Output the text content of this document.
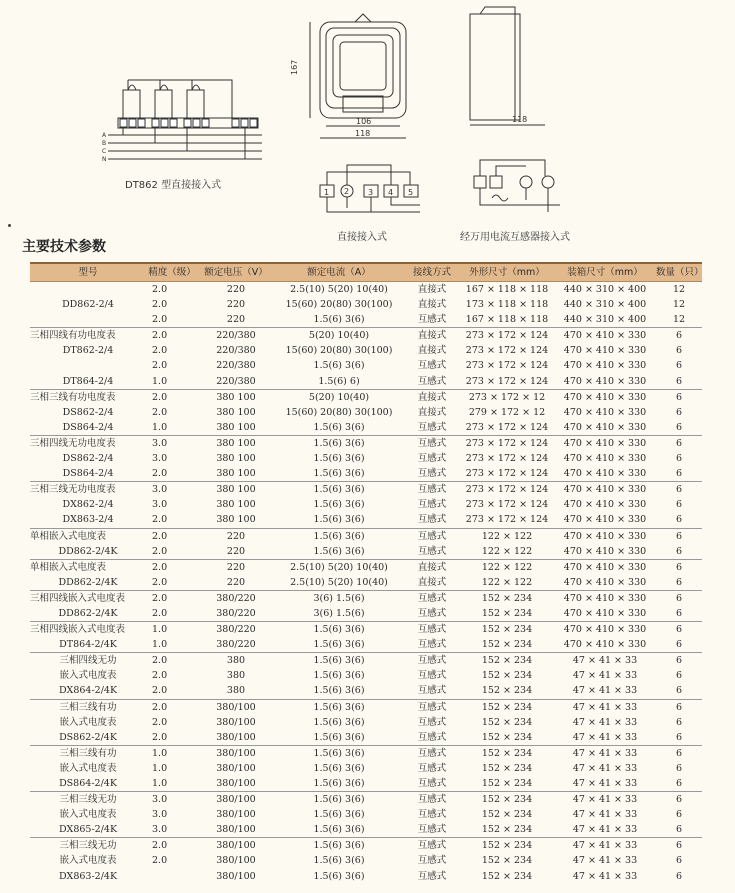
A
B
C
N
167
106
118
118
1 2 3 4 5
DT862 型直接接入式
直接接入式	经万用电流互感器接入式
主要技术参数
型号	精度（级）	额定电压（V）	额定电流（A）	接线方式	外形尺寸（mm）	装箱尺寸（mm）	数量（只）
	2.0	220	2.5(10) 5(20) 10(40)	直接式	167 × 118 × 118	440 × 310 × 400	12
DD862-2/4	2.0	220	15(60) 20(80) 30(100)	直接式	173 × 118 × 118	440 × 310 × 400	12
	2.0	220	1.5(6) 3(6)	互感式	167 × 118 × 118	440 × 310 × 400	12
三相四线有功电度表	2.0	220/380	5(20) 10(40)	直接式	273 × 172 × 124	470 × 410 × 330	6
DT862-2/4	2.0	220/380	15(60) 20(80) 30(100)	直接式	273 × 172 × 124	470 × 410 × 330	6
	2.0	220/380	1.5(6) 3(6)	互感式	273 × 172 × 124	470 × 410 × 330	6
DT864-2/4	1.0	220/380	1.5(6) 6)	互感式	273 × 172 × 124	470 × 410 × 330	6
三相三线有功电度表	2.0	380 100	5(20) 10(40)	直接式	273 × 172 × 12	470 × 410 × 330	6
DS862-2/4	2.0	380 100	15(60) 20(80) 30(100)	直接式	279 × 172 × 12	470 × 410 × 330	6
DS864-2/4	1.0	380 100	1.5(6) 3(6)	互感式	273 × 172 × 124	470 × 410 × 330	6
三相四线无功电度表	3.0	380 100	1.5(6) 3(6)	互感式	273 × 172 × 124	470 × 410 × 330	6
DS862-2/4	3.0	380 100	1.5(6) 3(6)	互感式	273 × 172 × 124	470 × 410 × 330	6
DS864-2/4	2.0	380 100	1.5(6) 3(6)	互感式	273 × 172 × 124	470 × 410 × 330	6
三相三线无功电度表	3.0	380 100	1.5(6) 3(6)	互感式	273 × 172 × 124	470 × 410 × 330	6
DX862-2/4	3.0	380 100	1.5(6) 3(6)	互感式	273 × 172 × 124	470 × 410 × 330	6
DX863-2/4	2.0	380 100	1.5(6) 3(6)	互感式	273 × 172 × 124	470 × 410 × 330	6
单相嵌入式电度表	2.0	220	1.5(6) 3(6)	互感式	122 × 122	470 × 410 × 330	6
DD862-2/4K	2.0	220	1.5(6) 3(6)	互感式	122 × 122	470 × 410 × 330	6
单相嵌入式电度表	2.0	220	2.5(10) 5(20) 10(40)	直接式	122 × 122	470 × 410 × 330	6
DD862-2/4K	2.0	220	2.5(10) 5(20) 10(40)	直接式	122 × 122	470 × 410 × 330	6
三相四线嵌入式电度表	2.0	380/220	3(6) 1.5(6)	互感式	152 × 234	470 × 410 × 330	6
DD862-2/4K	2.0	380/220	3(6) 1.5(6)	互感式	152 × 234	470 × 410 × 330	6
三相四线嵌入式电度表	1.0	380/220	1.5(6) 3(6)	互感式	152 × 234	470 × 410 × 330	6
DT864-2/4K	1.0	380/220	1.5(6) 3(6)	互感式	152 × 234	470 × 410 × 330	6
三相四线无功	2.0	380	1.5(6) 3(6)	互感式	152 × 234	47 × 41 × 33	6
嵌入式电度表	2.0	380	1.5(6) 3(6)	互感式	152 × 234	47 × 41 × 33	6
DX864-2/4K	2.0	380	1.5(6) 3(6)	互感式	152 × 234	47 × 41 × 33	6
三相三线有功	2.0	380/100	1.5(6) 3(6)	互感式	152 × 234	47 × 41 × 33	6
嵌入式电度表	2.0	380/100	1.5(6) 3(6)	互感式	152 × 234	47 × 41 × 33	6
DS862-2/4K	2.0	380/100	1.5(6) 3(6)	互感式	152 × 234	47 × 41 × 33	6
三相三线有功	1.0	380/100	1.5(6) 3(6)	互感式	152 × 234	47 × 41 × 33	6
嵌入式电度表	1.0	380/100	1.5(6) 3(6)	互感式	152 × 234	47 × 41 × 33	6
DS864-2/4K	1.0	380/100	1.5(6) 3(6)	互感式	152 × 234	47 × 41 × 33	6
三相三线无功	3.0	380/100	1.5(6) 3(6)	互感式	152 × 234	47 × 41 × 33	6
嵌入式电度表	3.0	380/100	1.5(6) 3(6)	互感式	152 × 234	47 × 41 × 33	6
DX865-2/4K	3.0	380/100	1.5(6) 3(6)	互感式	152 × 234	47 × 41 × 33	6
三相三线无功	2.0	380/100	1.5(6) 3(6)	互感式	152 × 234	47 × 41 × 33	6
嵌入式电度表	2.0	380/100	1.5(6) 3(6)	互感式	152 × 234	47 × 41 × 33	6
DX863-2/4K		380/100	1.5(6) 3(6)	互感式	152 × 234	47 × 41 × 33	6
